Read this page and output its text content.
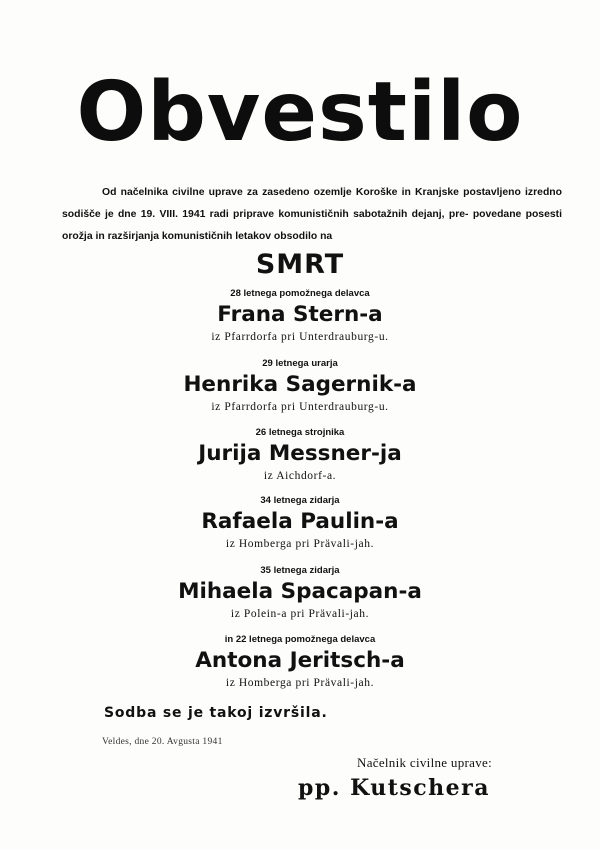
Obvestilo
Od načelnika civilne uprave za zasedeno ozemlje Koroške in Kranjske postavljeno izredno sodišče je dne 19. VIII. 1941 radi priprave komunističnih sabotažnih dejanj, pre- povedane posesti orožja in razširjanja komunističnih letakov obsodilo na
SMRT
28 letnega pomožnega delavca
Frana Stern-a
iz Pfarrdorfa pri Unterdrauburg-u.
29 letnega urarja
Henrika Sagernik-a
iz Pfarrdorfa pri Unterdrauburg-u.
26 letnega strojnika
Jurija Messner-ja
iz Aichdorf-a.
34 letnega zidarja
Rafaela Paulin-a
iz Homberga pri Prävali-jah.
35 letnega zidarja
Mihaela Spacapan-a
iz Polein-a pri Prävali-jah.
in 22 letnega pomožnega delavca
Antona Jeritsch-a
iz Homberga pri Prävali-jah.
Sodba se je takoj izvršila.
Veldes, dne 20. Avgusta 1941
Načelnik civilne uprave:
pp. Kutschera
